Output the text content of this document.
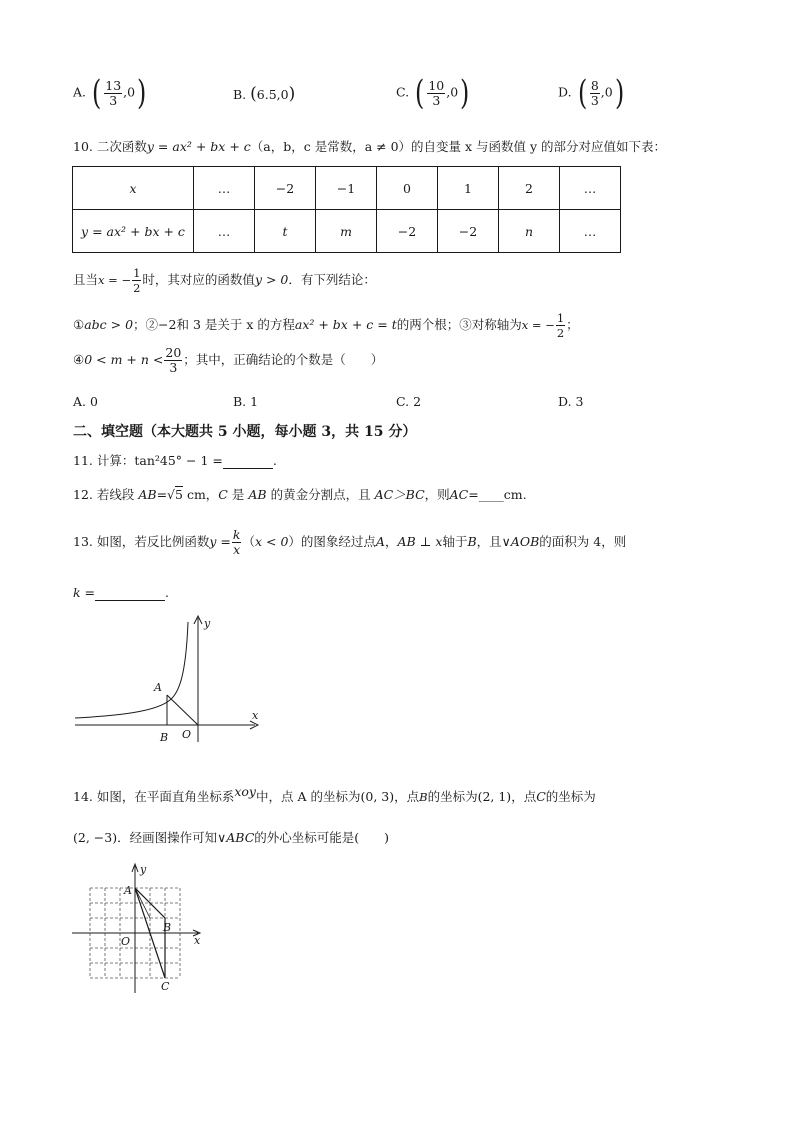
A. ( $\frac{13}{3} ,0$)	B. (6.5,0)	C. ( $\frac{10}{3} ,0$)	D. ( $\frac{8}{3} ,0$)
10. 二次函数y = ax² + bx + c（a，b，c 是常数，a ≠ 0）的自变量 x 与函数值 y 的部分对应值如下表：
x	…	−2	−1	0	1	2	…
y = ax² + bx + c	…	t	m	−2	−2	n	…
且当x = − $\frac{1}{2}$ 时，其对应的函数值y > 0．有下列结论：
①abc > 0；②−2和 3 是关于 x 的方程ax² + bx + c = t的两个根；③对称轴为x = − $\frac{1}{2}$ ；
④0 < $m + n < \frac{20}{3}$ ；其中，正确结论的个数是（　　）
A. 0	B. 1	C. 2	D. 3
二、填空题（本大题共 5 小题，每小题 3，共 15 分）
11. 计算：tan²45° − 1 =	.
12. 若线段 AB=√5 cm，C 是 AB 的黄金分割点，且 AC＞BC，则AC=____cm.
13. 如图，若反比例函数$y = \frac{k}{x} (x < 0)$的图象经过点A，AB ⊥ x轴于B，且∨AOB的面积为 4，则
k =	.
y
x
A
B O
14. 如图，在平面直角坐标系xoy中，点 A 的坐标为(0, 3)，点B的坐标为(2, 1)，点C的坐标为
(2, −3)．经画图操作可知∨ABC的外心坐标可能是(　　)
y
x
A
B
C
O
